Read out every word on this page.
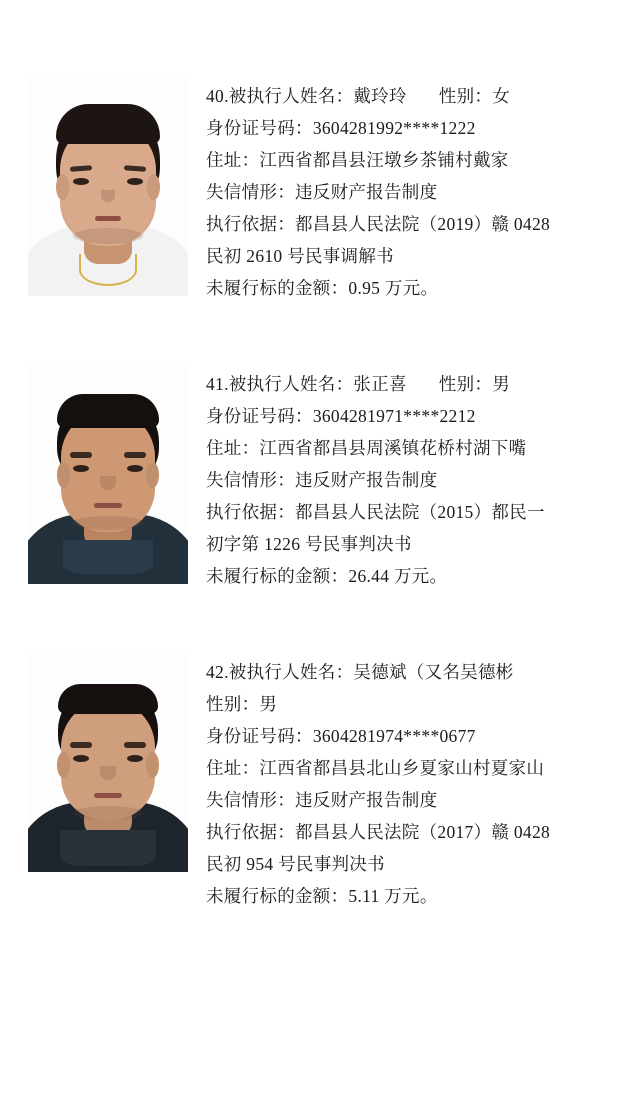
40.被执行人姓名：戴玲玲 性别：女
身份证号码：3604281992****1222
住址：江西省都昌县汪墩乡茶铺村戴家
失信情形：违反财产报告制度
执行依据：都昌县人民法院（2019）赣 0428
民初 2610 号民事调解书
未履行标的金额：0.95 万元。
41.被执行人姓名：张正喜 性别：男
身份证号码：3604281971****2212
住址：江西省都昌县周溪镇花桥村湖下嘴
失信情形：违反财产报告制度
执行依据：都昌县人民法院（2015）都民一
初字第 1226 号民事判决书
未履行标的金额：26.44 万元。
42.被执行人姓名：吴德斌（又名吴德彬
性别：男
身份证号码：3604281974****0677
住址：江西省都昌县北山乡夏家山村夏家山
失信情形：违反财产报告制度
执行依据：都昌县人民法院（2017）赣 0428
民初 954 号民事判决书
未履行标的金额：5.11 万元。
